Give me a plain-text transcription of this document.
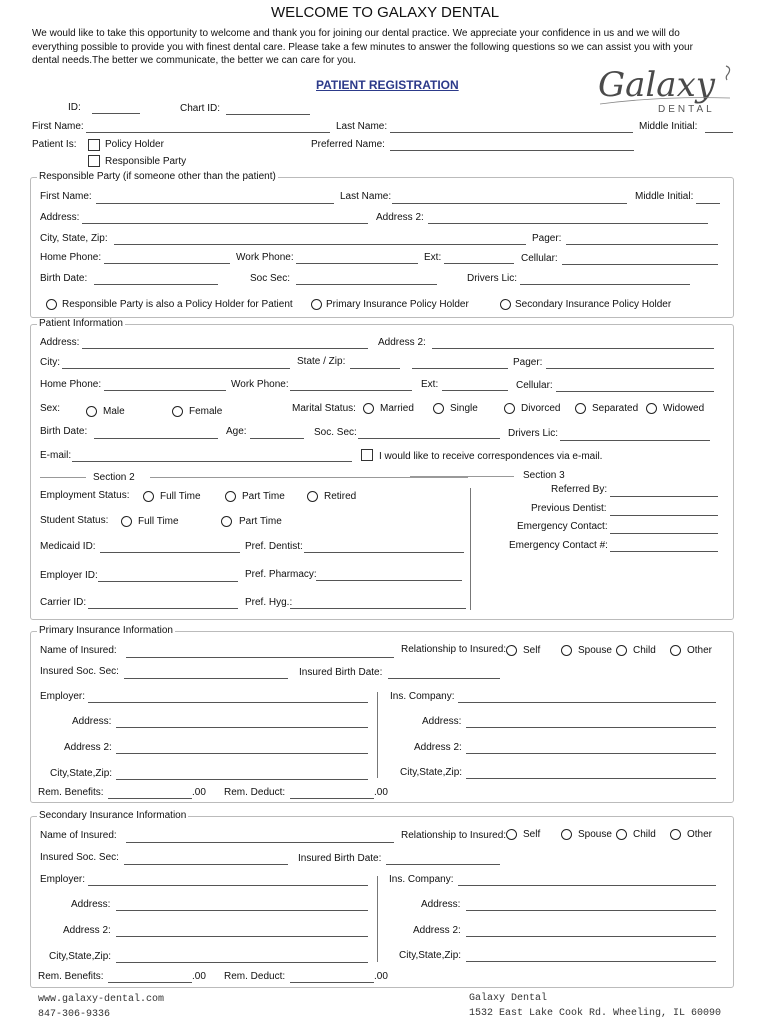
WELCOME TO GALAXY DENTAL

We would like to take this opportunity to welcome and thank you for joining our dental practice. We appreciate your confidence in us and we will do everything possible to provide you with finest dental care. Please take a few minutes to answer the following questions so we can assist you with your dental needs.The better we communicate, the better we can care for you.

PATIENT REGISTRATION	Galaxy
DENTAL
ID:	Chart ID:
First Name:	Last Name:	Middle Initial:
Patient Is:	Policy Holder
Responsible Party
Preferred Name:
Responsible Party (if someone other than the patient)
First Name:	Last Name:	Middle Initial:
Address:	Address 2:
City, State, Zip:	Pager:
Home Phone:	Work Phone:	Ext:	Cellular:
Birth Date:	Soc Sec:	Drivers Lic:
Responsible Party is also a Policy Holder for Patient	Primary Insurance Policy Holder	Secondary Insurance Policy Holder
Patient Information
Address:	Address 2:
City:	State / Zip:	Pager:
Home Phone:	Work Phone:	Ext:	Cellular:
Sex:	Male	Female	Marital Status: Married	Single	Divorced	Separated Widowed
Birth Date:	Age:	Soc. Sec:	Drivers Lic:
E-mail:	I would like to receive correspondences via e-mail.
Section 2
Employment Status:	Full Time	Part Time	Retired
Student Status:	Full Time	Part Time
Medicaid ID:	Pref. Dentist:
Employer ID:	Pref. Pharmacy:
Carrier ID:	Pref. Hyg.:
Section 3
Referred By:
Previous Dentist:
Emergency Contact:
Emergency Contact #:
Primary Insurance Information
Name of Insured:	Relationship to Insured: Self	Spouse Child	Other
Insured Soc. Sec:	Insured Birth Date:
Employer:	Ins. Company:
Address:	Address:
Address 2:	Address 2:
City,State,Zip:	City,State,Zip:
Rem. Benefits:	.00 Rem. Deduct:	.00
Secondary Insurance Information
Name of Insured:	Relationship to Insured: Self	Spouse Child	Other
Insured Soc. Sec:	Insured Birth Date:
Employer:	Ins. Company:
Address:	Address:
Address 2:	Address 2:
City,State,Zip:	City,State,Zip:
Rem. Benefits:	.00 Rem. Deduct:	.00
www.galaxy-dental.com
847-306-9336
Galaxy Dental
1532 East Lake Cook Rd. Wheeling, IL 60090
